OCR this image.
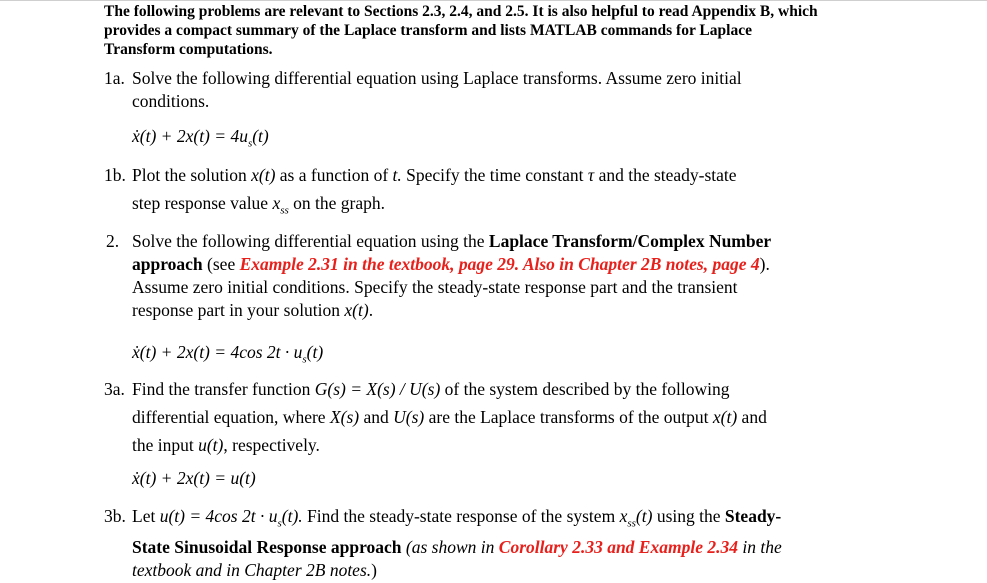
The following problems are relevant to Sections 2.3, 2.4, and 2.5. It is also helpful to read Appendix B, which
provides a compact summary of the Laplace transform and lists MATLAB commands for Laplace
Transform computations.
1a. Solve the following differential equation using Laplace transforms. Assume zero initial
conditions.
ẋ(t) + $2x(t) = 4u_s(t)$
1b. Plot the solution x(t) as a function of t. Specify the time constant τ and the steady-state
step response value $x_{ss}$ on the graph.
2. Solve the following differential equation using the Laplace Transform/Complex Number
approach (see Example 2.31 in the textbook, page 29. Also in Chapter 2B notes, page 4).
Assume zero initial conditions. Specify the steady-state response part and the transient
response part in your solution x(t).
ẋ(t) + 2x(t) = 4cos $2t \cdot u_s(t)$
3a. Find the transfer function G(s) = X(s) / U(s) of the system described by the following
differential equation, where X(s) and U(s) are the Laplace transforms of the output x(t) and
the input u(t), respectively.
ẋ(t) + 2x(t) = u(t)
3b. Let u(t) = 4cos $2t \cdot u_s(t)$. Find the steady-state response of the system $x_{ss}(t)$ using the Steady-
State Sinusoidal Response approach (as shown in Corollary 2.33 and Example 2.34 in the
textbook and in Chapter 2B notes.)
